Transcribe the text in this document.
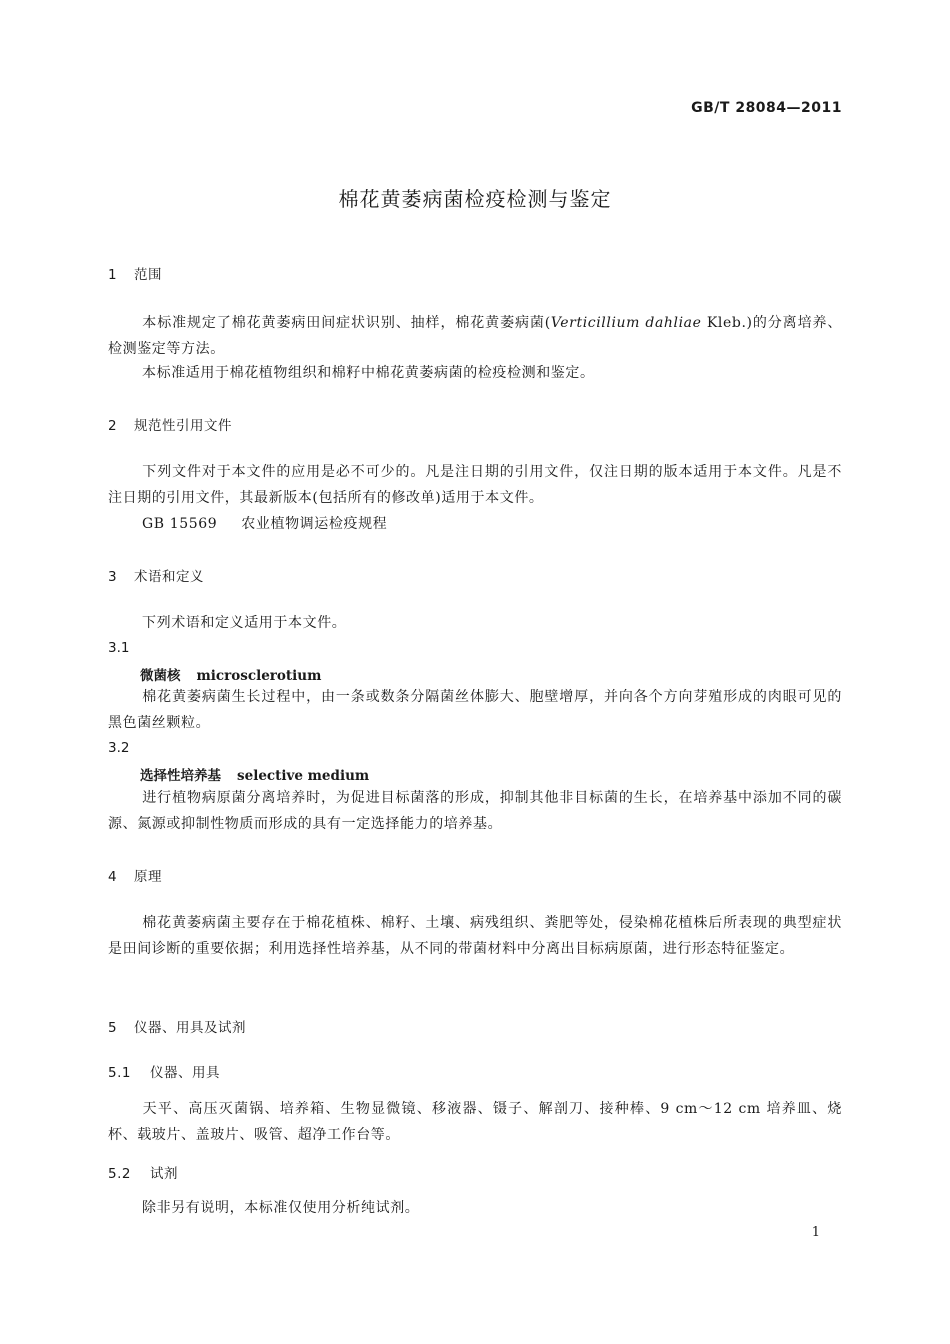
GB/T 28084—2011
棉花黄萎病菌检疫检测与鉴定
1 范围
本标准规定了棉花黄萎病田间症状识别、抽样，棉花黄萎病菌(Verticillium dahliae Kleb.)的分离培养、检测鉴定等方法。
本标准适用于棉花植物组织和棉籽中棉花黄萎病菌的检疫检测和鉴定。
2 规范性引用文件
下列文件对于本文件的应用是必不可少的。凡是注日期的引用文件，仅注日期的版本适用于本文件。凡是不注日期的引用文件，其最新版本(包括所有的修改单)适用于本文件。
GB 15569 农业植物调运检疫规程
3 术语和定义
下列术语和定义适用于本文件。
3.1
微菌核 microsclerotium
棉花黄萎病菌生长过程中，由一条或数条分隔菌丝体膨大、胞壁增厚，并向各个方向芽殖形成的肉眼可见的黑色菌丝颗粒。
3.2
选择性培养基 selective medium
进行植物病原菌分离培养时，为促进目标菌落的形成，抑制其他非目标菌的生长，在培养基中添加不同的碳源、氮源或抑制性物质而形成的具有一定选择能力的培养基。
4 原理
棉花黄萎病菌主要存在于棉花植株、棉籽、土壤、病残组织、粪肥等处，侵染棉花植株后所表现的典型症状是田间诊断的重要依据；利用选择性培养基，从不同的带菌材料中分离出目标病原菌，进行形态特征鉴定。
5 仪器、用具及试剂
5.1 仪器、用具
天平、高压灭菌锅、培养箱、生物显微镜、移液器、镊子、解剖刀、接种棒、9 cm～12 cm 培养皿、烧杯、载玻片、盖玻片、吸管、超净工作台等。
5.2 试剂
除非另有说明，本标准仅使用分析纯试剂。
1
